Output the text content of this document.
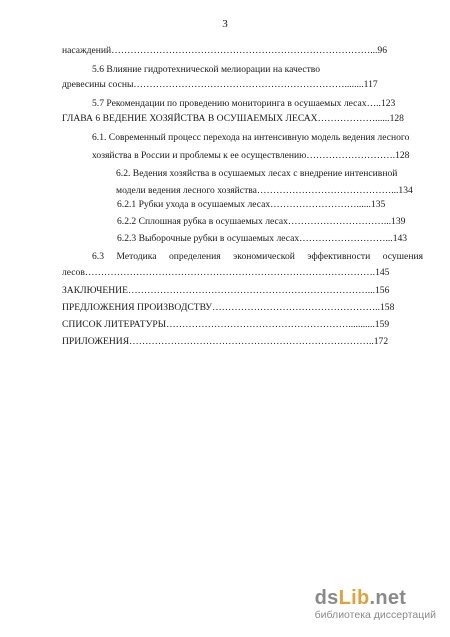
3
насаждений………………………………………………………………………...96
5.6 Влияние гидротехнической мелиорации на качество
древесины сосны…………………………………………………………........117
5.7 Рекомендации по проведению мониторинга в осушаемых лесах…..123
ГЛАВА 6 ВЕДЕНИЕ ХОЗЯЙСТВА В ОСУШАЕМЫХ ЛЕСАХ………………......128
6.1. Современный процесс перехода на интенсивную модель ведения лесного
хозяйства в России и проблемы к ее осуществлению……………………….128
6.2. Ведения хозяйства в осушаемых лесах с внедрение интенсивной
модели ведения лесного хозяйства……………………………………...134
6.2.1 Рубки ухода в осушаемых лесах………………………......135
6.2.2 Сплошная рубка в осушаемых лесах…………………………...139
6.2.3 Выборочные рубки в осушаемых лесах………………………...143
6.3 Методика определения экономической эффективности осушения
лесов……………………………………………………………………………….145
ЗАКЛЮЧЕНИЕ…………………………………………………………………...156
ПРЕДЛОЖЕНИЯ ПРОИЗВОДСТВУ……………………………………………..158
СПИСОК ЛИТЕРАТУРЫ…………………………………………………...........159
ПРИЛОЖЕНИЯ…………………………………………………………………..172
dsLib.net
библиотека диссертаций
